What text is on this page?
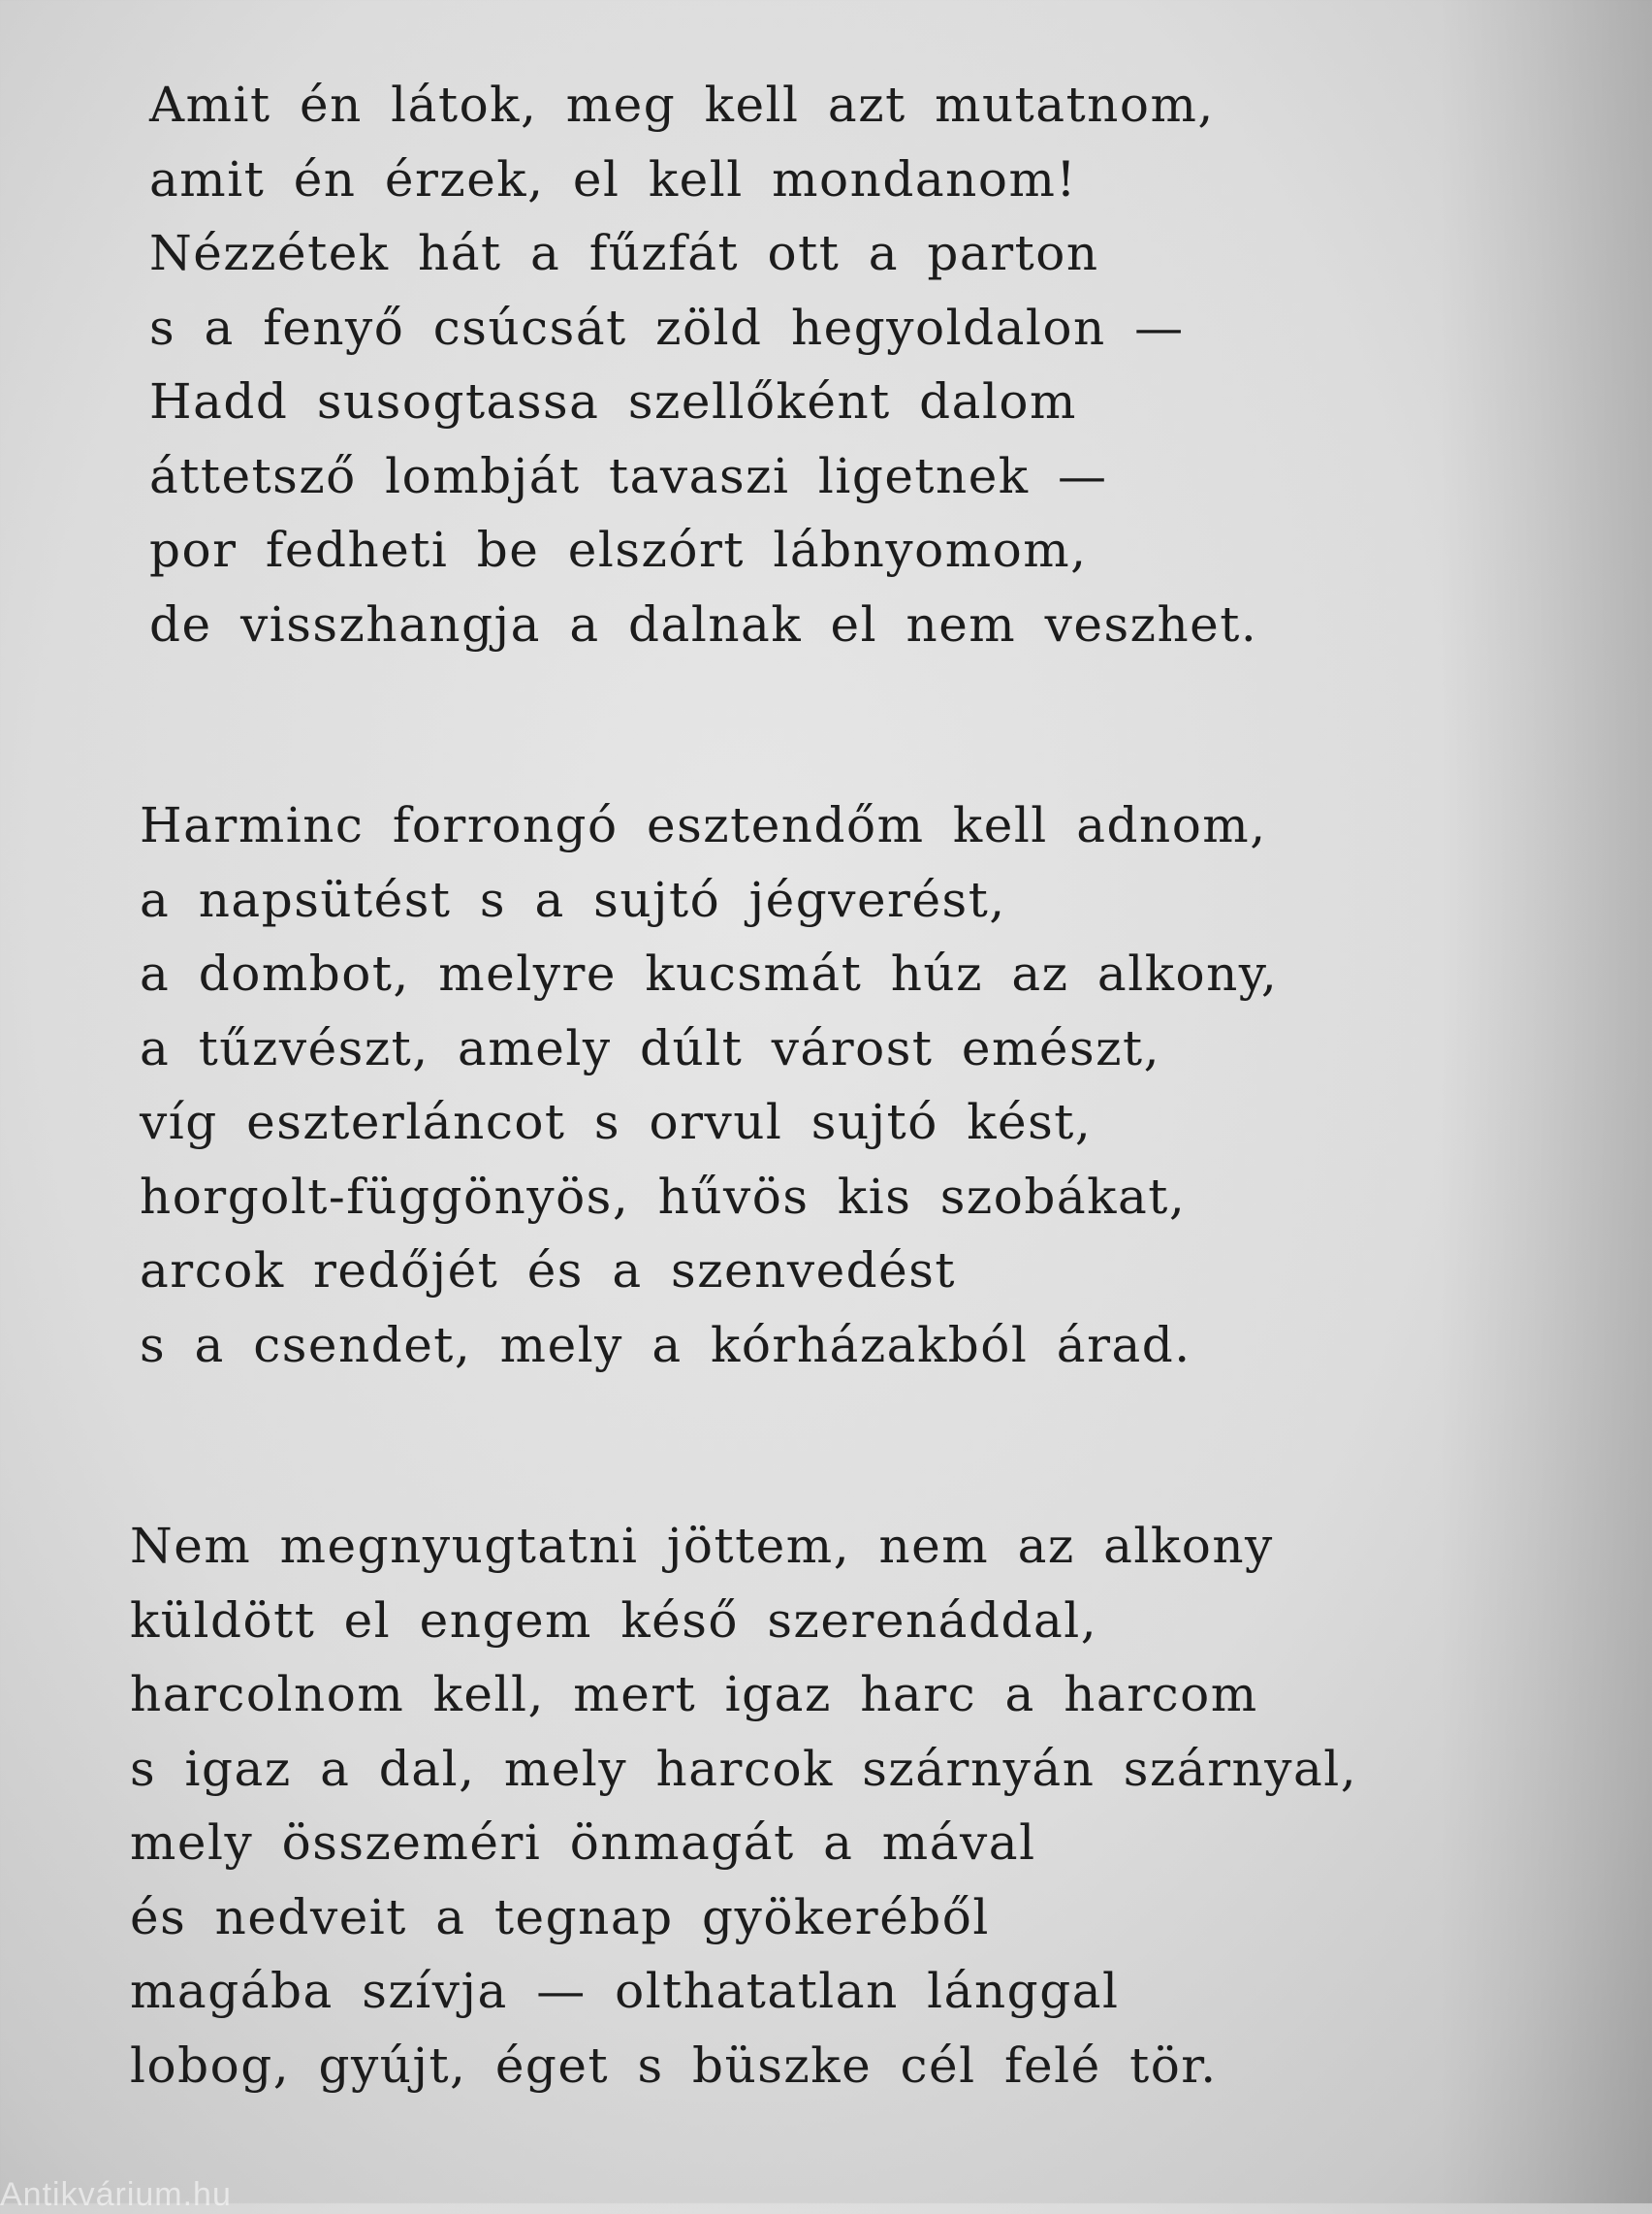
Amit én látok, meg kell azt mutatnom,
amit én érzek, el kell mondanom!
Nézzétek hát a fűzfát ott a parton
s a fenyő csúcsát zöld hegyoldalon —
Hadd susogtassa szellőként dalom
áttetsző lombját tavaszi ligetnek —
por fedheti be elszórt lábnyomom,
de visszhangja a dalnak el nem veszhet.
Harminc forrongó esztendőm kell adnom,
a napsütést s a sujtó jégverést,
a dombot, melyre kucsmát húz az alkony,
a tűzvészt, amely dúlt várost emészt,
víg eszterláncot s orvul sujtó kést,
horgolt-függönyös, hűvös kis szobákat,
arcok redőjét és a szenvedést
s a csendet, mely a kórházakból árad.
Nem megnyugtatni jöttem, nem az alkony
küldött el engem késő szerenáddal,
harcolnom kell, mert igaz harc a harcom
s igaz a dal, mely harcok szárnyán szárnyal,
mely összeméri önmagát a mával
és nedveit a tegnap gyökeréből
magába szívja — olthatatlan lánggal
lobog, gyújt, éget s büszke cél felé tör.
Antikvárium.hu
